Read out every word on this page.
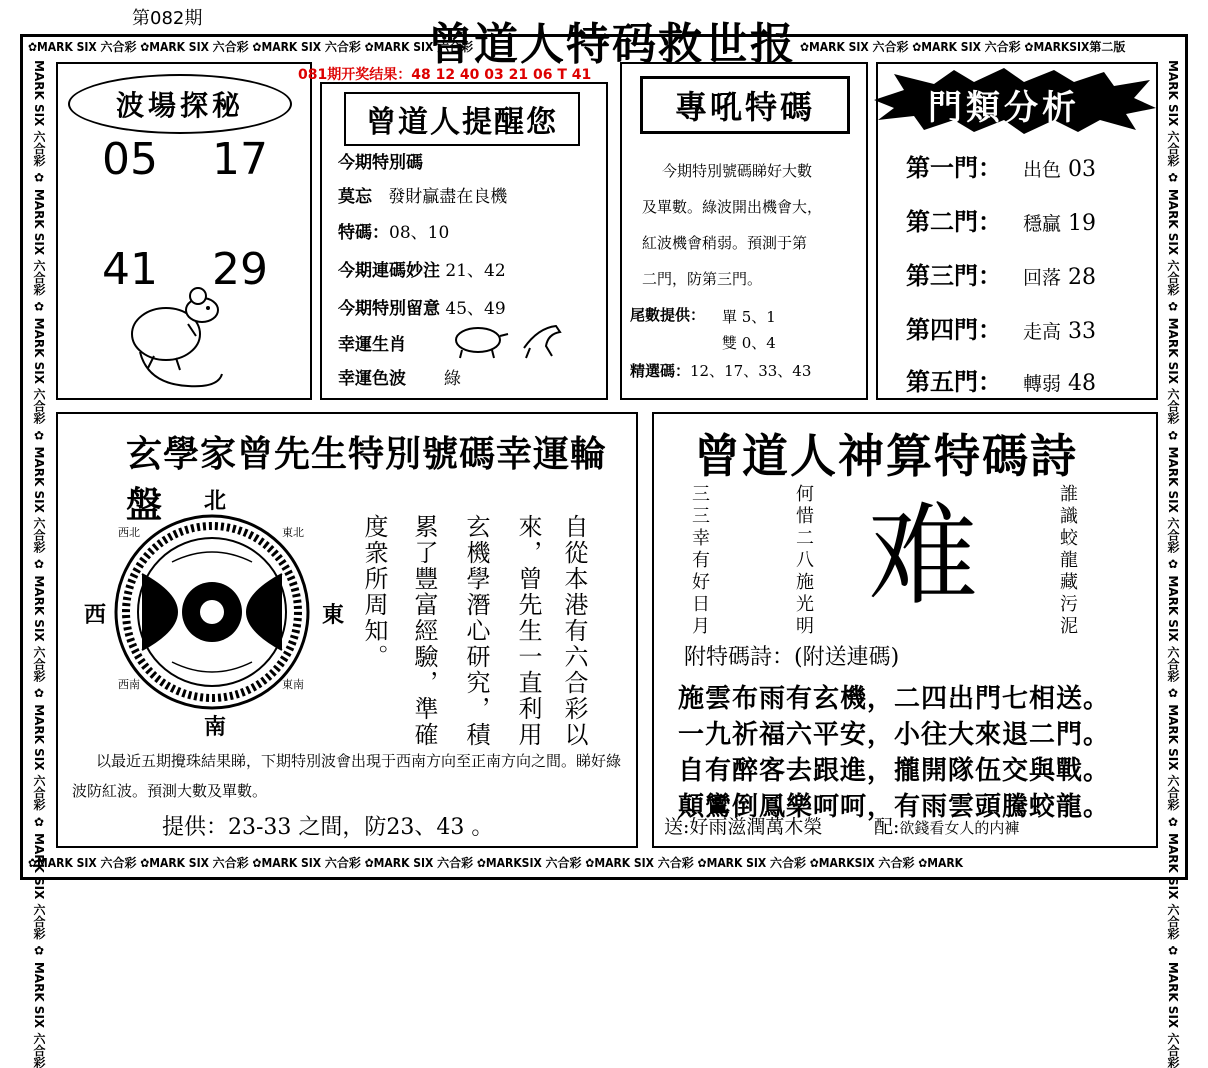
第082期
曾道人特码救世报
✿MARK SIX 六合彩 ✿MARK SIX 六合彩 ✿MARK SIX 六合彩 ✿MARK SIX 六合彩	✿MARK SIX 六合彩 ✿MARK SIX 六合彩 ✿MARKSIX第二版
✿MARK SIX 六合彩 ✿MARK SIX 六合彩 ✿MARK SIX 六合彩 ✿MARK SIX 六合彩 ✿MARKSIX 六合彩 ✿MARK SIX 六合彩 ✿MARK SIX 六合彩 ✿MARKSIX 六合彩 ✿MARK
MARK SIX 六合彩 ✿ MARK SIX 六合彩 ✿ MARK SIX 六合彩 ✿ MARK SIX 六合彩 ✿ MARK SIX 六合彩 ✿ MARK SIX 六合彩 ✿ MARK SIX 六合彩 ✿ MARK SIX 六合彩	MARK SIX 六合彩 ✿ MARK SIX 六合彩 ✿ MARK SIX 六合彩 ✿ MARK SIX 六合彩 ✿ MARK SIX 六合彩 ✿ MARK SIX 六合彩 ✿ MARK SIX 六合彩 ✿ MARK SIX 六合彩
波場探秘
05 17
41 29
081期开奖结果：48 12 40 03 21 06 T 41
曾道人提醒您
今期特別碼
莫忘 發財贏盡在良機
特碼：08、10
今期連碼妙注 21、42
今期特別留意 45、49
幸運生肖
幸運色波 綠
專吼特碼
今期特別號碼睇好大數
及單數。綠波開出機會大，
紅波機會稍弱。預測于第
二門，防第三門。
尾數提供： 單 5、1
雙 0、4
精選碼：12、17、33、43
門類分析
第一門： 出色 03
第二門： 穩贏 19
第三門： 回落 28
第四門： 走高 33
第五門： 轉弱 48
玄學家曾先生特別號碼幸運輪盤	北
南
西	東
西北	東北
西南	東南	自從本港有六合彩以
來，曾先生一直利用
玄機學潛心研究，積
累了豐富經驗，準確
度衆所周知。
以最近五期攪珠結果睇，下期特別波會出現于西南方向至正南方向之間。睇好綠波防紅波。預測大數及單數。
提供：23-33 之間，防23、43 。
曾道人神算特碼詩
三三幸有好日月	何惜二八施光明	誰識蛟龍藏污泥
难
附特碼詩：(附送連碼)
施雲布雨有玄機，二四出門七相送。
一九祈福六平安，小往大來退二門。
自有醉客去跟進，攏開隊伍交與戰。
顛鸞倒鳳樂呵呵，有雨雲頭騰蛟龍。
送:好雨滋潤萬木榮	配:欲錢看女人的内褲
